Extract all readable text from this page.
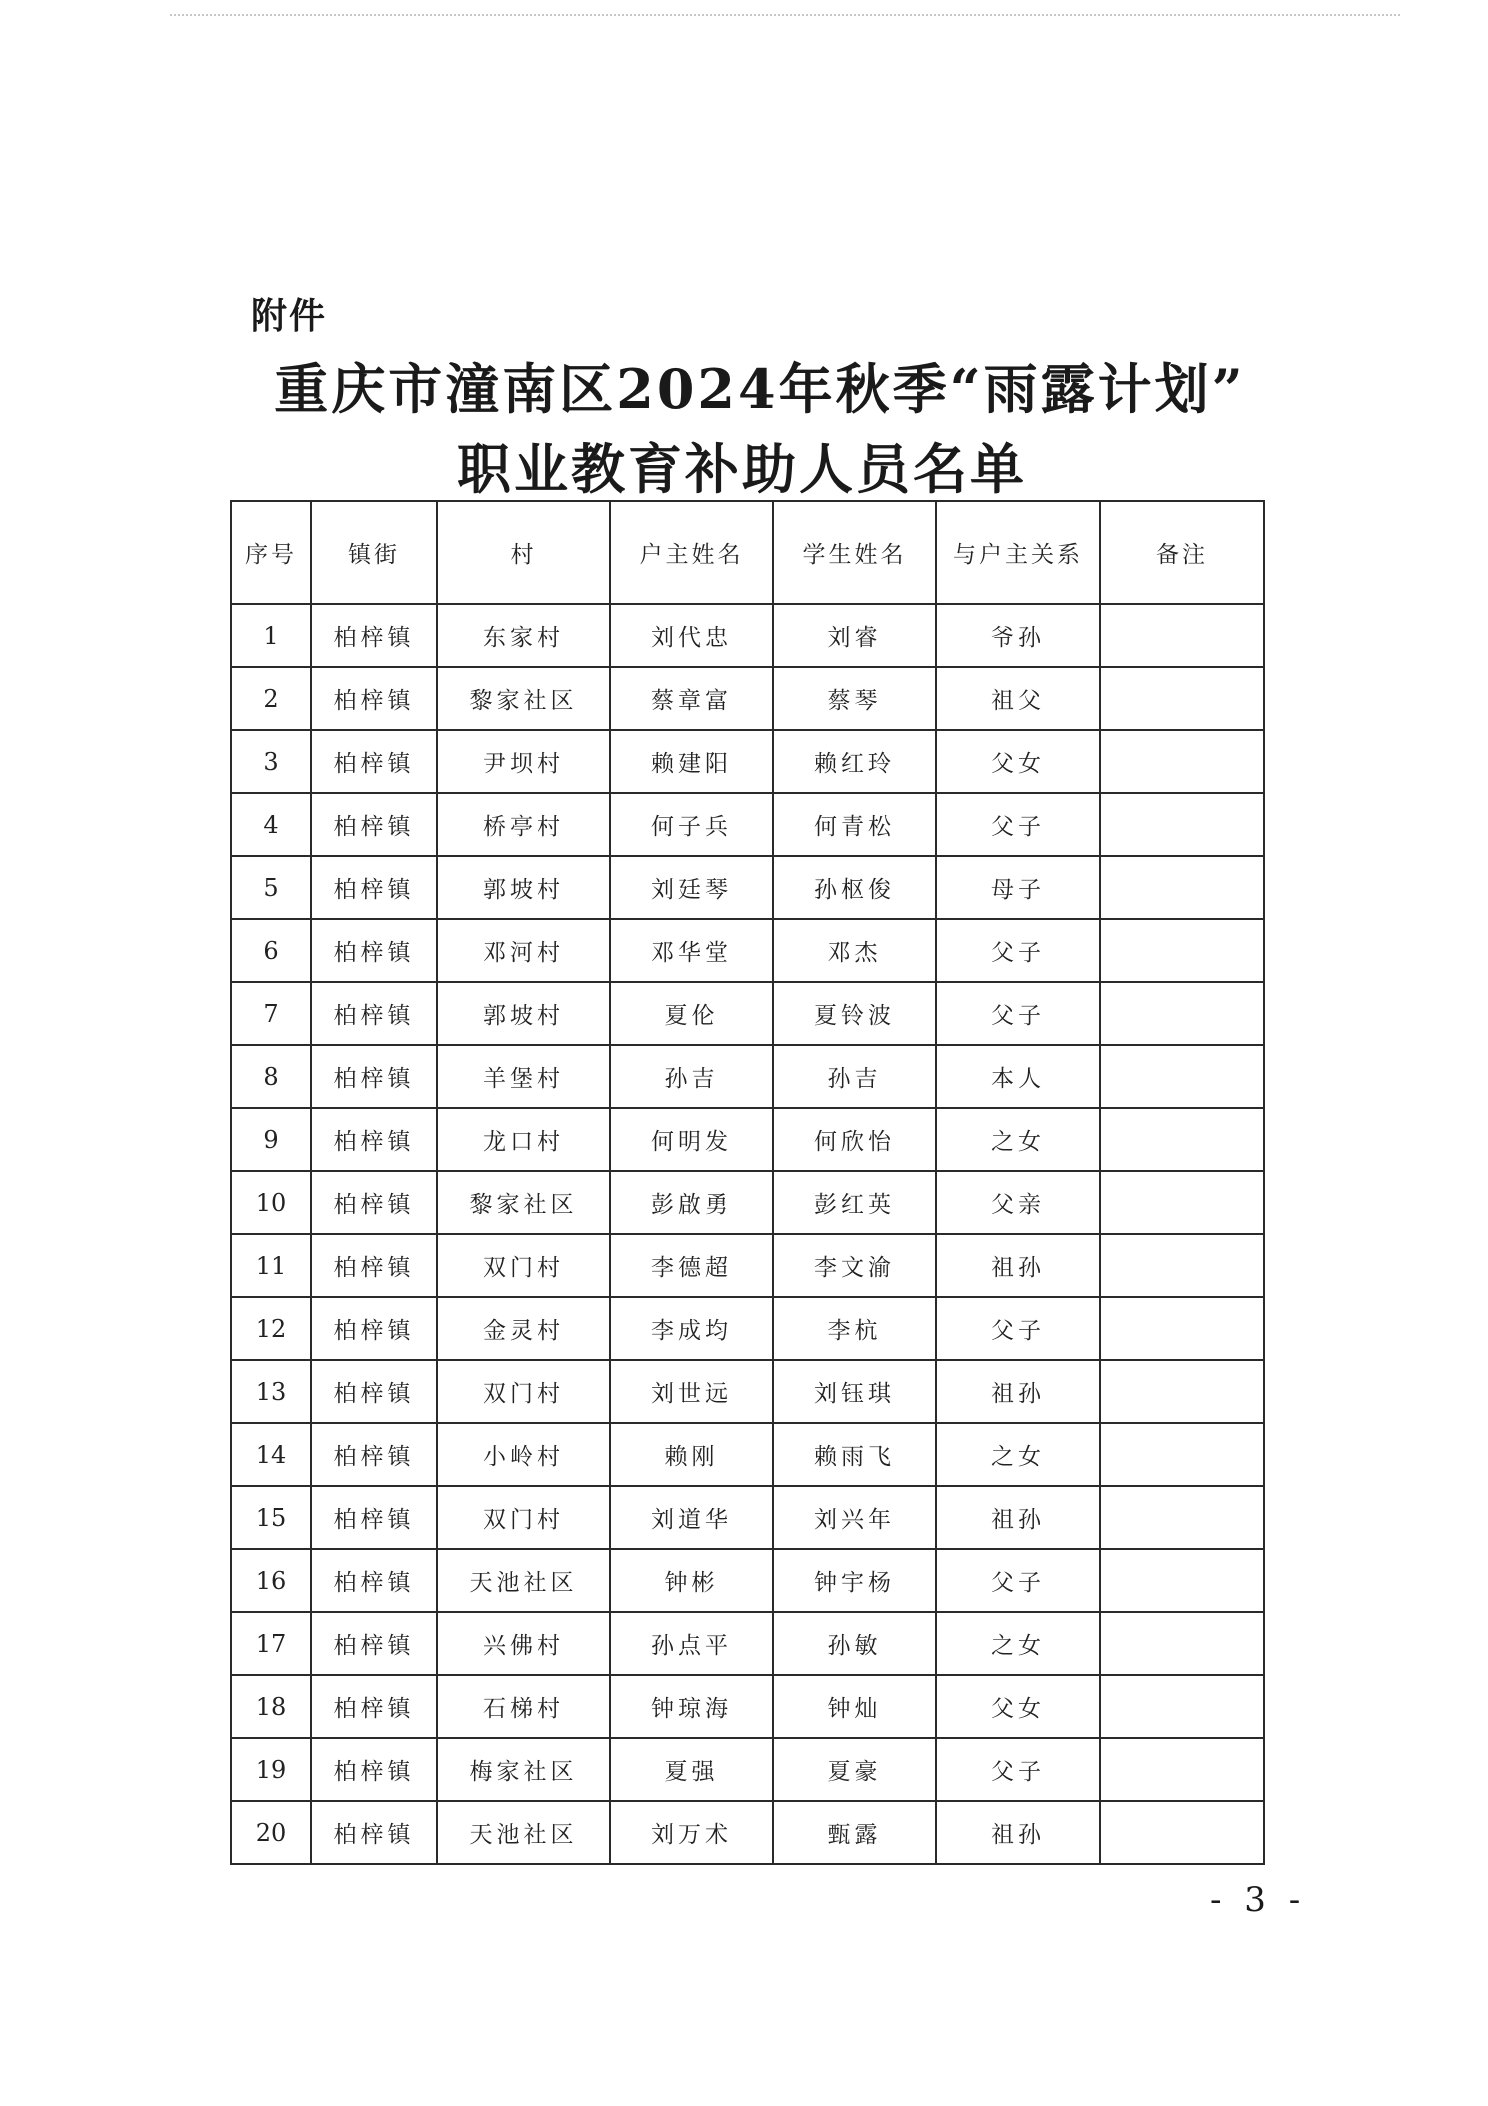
附件
重庆市潼南区2024年秋季“雨露计划”
职业教育补助人员名单
序号	镇街	村	户主姓名	学生姓名	与户主关系	备注
1	柏梓镇	东家村	刘代忠	刘睿	爷孙	
2	柏梓镇	黎家社区	蔡章富	蔡琴	祖父	
3	柏梓镇	尹坝村	赖建阳	赖红玲	父女	
4	柏梓镇	桥亭村	何子兵	何青松	父子	
5	柏梓镇	郭坡村	刘廷琴	孙枢俊	母子	
6	柏梓镇	邓河村	邓华堂	邓杰	父子	
7	柏梓镇	郭坡村	夏伦	夏铃波	父子	
8	柏梓镇	羊堡村	孙吉	孙吉	本人	
9	柏梓镇	龙口村	何明发	何欣怡	之女	
10	柏梓镇	黎家社区	彭啟勇	彭红英	父亲	
11	柏梓镇	双门村	李德超	李文渝	祖孙	
12	柏梓镇	金灵村	李成均	李杭	父子	
13	柏梓镇	双门村	刘世远	刘钰琪	祖孙	
14	柏梓镇	小岭村	赖刚	赖雨飞	之女	
15	柏梓镇	双门村	刘道华	刘兴年	祖孙	
16	柏梓镇	天池社区	钟彬	钟宇杨	父子	
17	柏梓镇	兴佛村	孙点平	孙敏	之女	
18	柏梓镇	石梯村	钟琼海	钟灿	父女	
19	柏梓镇	梅家社区	夏强	夏豪	父子	
20	柏梓镇	天池社区	刘万术	甄露	祖孙	
- 3 -
